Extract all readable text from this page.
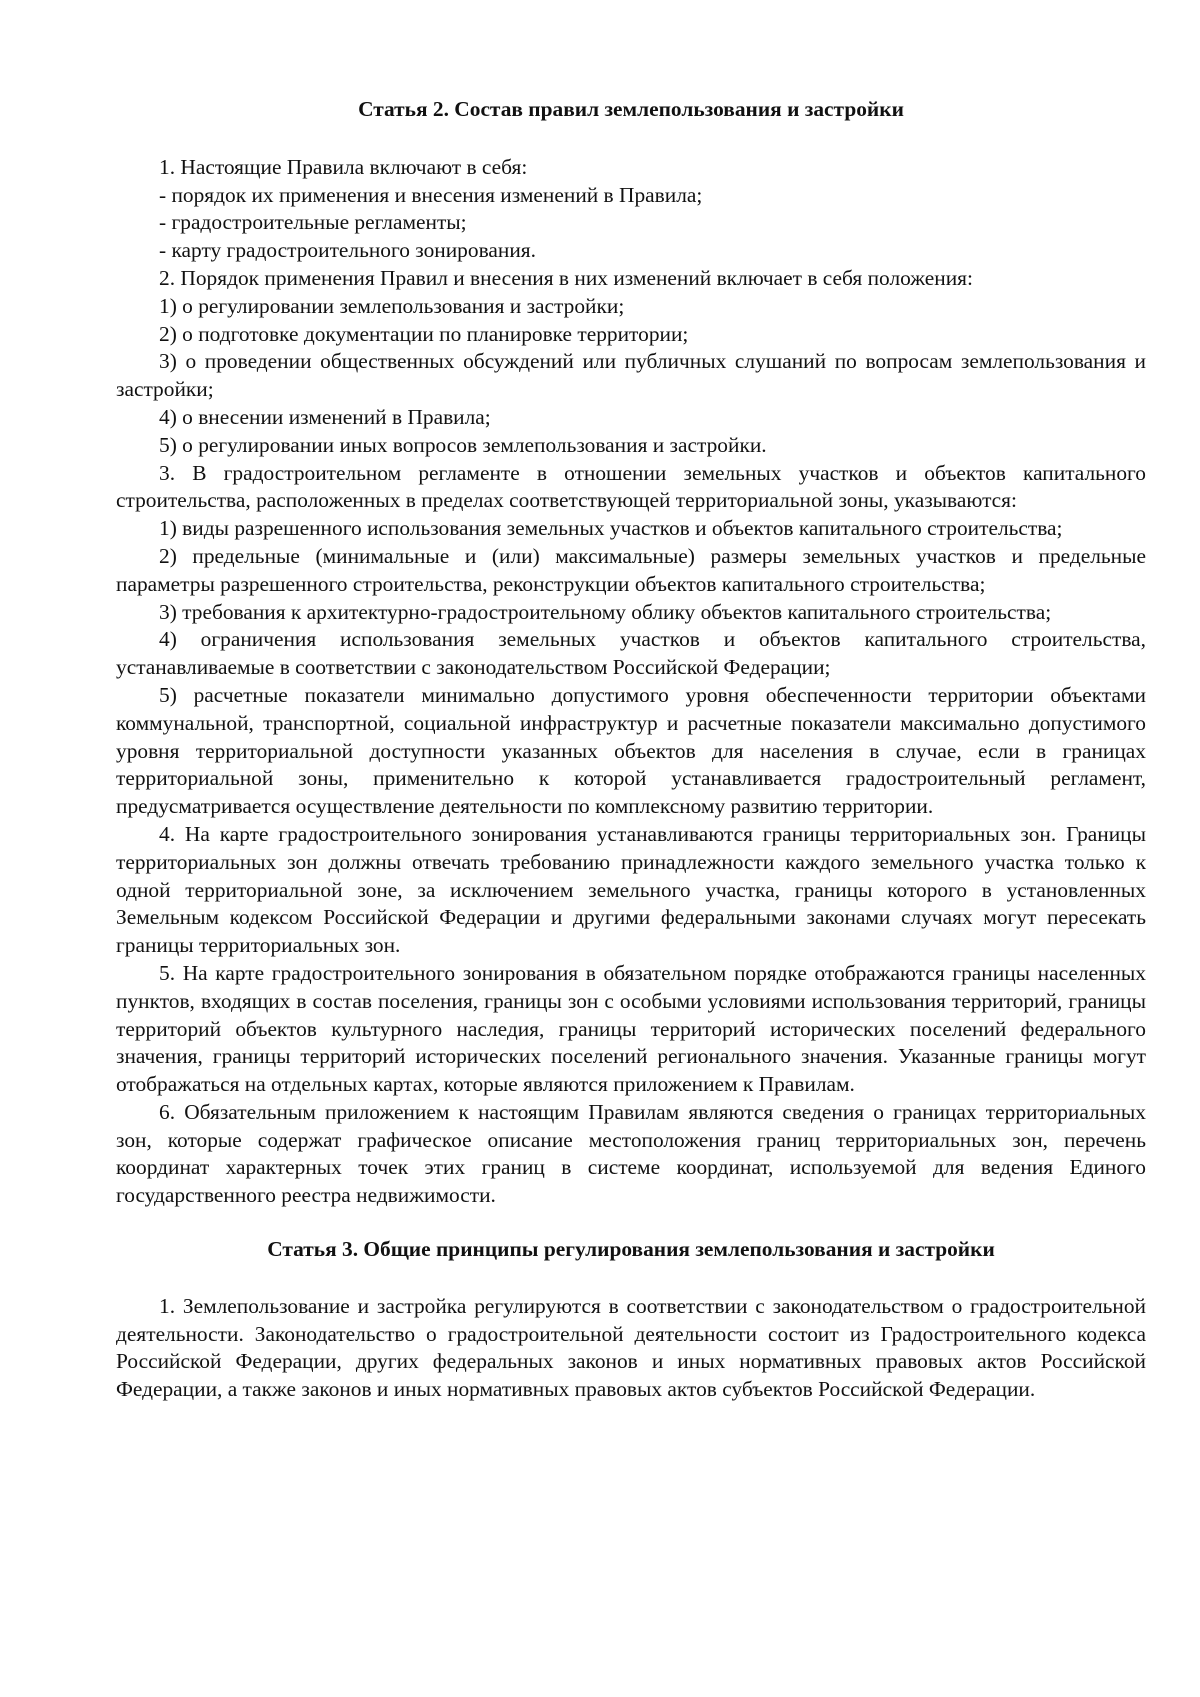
Статья 2. Состав правил землепользования и застройки

1. Настоящие Правила включают в себя:

- порядок их применения и внесения изменений в Правила;

- градостроительные регламенты;

- карту градостроительного зонирования.

2. Порядок применения Правил и внесения в них изменений включает в себя положения:

1) о регулировании землепользования и застройки;

2) о подготовке документации по планировке территории;

3) о проведении общественных обсуждений или публичных слушаний по вопросам землепользования и застройки;

4) о внесении изменений в Правила;

5) о регулировании иных вопросов землепользования и застройки.

3. В градостроительном регламенте в отношении земельных участков и объектов капитального строительства, расположенных в пределах соответствующей территориальной зоны, указываются:

1) виды разрешенного использования земельных участков и объектов капитального строительства;

2) предельные (минимальные и (или) максимальные) размеры земельных участков и предельные параметры разрешенного строительства, реконструкции объектов капитального строительства;

3) требования к архитектурно-градостроительному облику объектов капитального строительства;

4) ограничения использования земельных участков и объектов капитального строительства, устанавливаемые в соответствии с законодательством Российской Федерации;

5) расчетные показатели минимально допустимого уровня обеспеченности территории объектами коммунальной, транспортной, социальной инфраструктур и расчетные показатели максимально допустимого уровня территориальной доступности указанных объектов для населения в случае, если в границах территориальной зоны, применительно к которой устанавливается градостроительный регламент, предусматривается осуществление деятельности по комплексному развитию территории.

4. На карте градостроительного зонирования устанавливаются границы территориальных зон. Границы территориальных зон должны отвечать требованию принадлежности каждого земельного участка только к одной территориальной зоне, за исключением земельного участка, границы которого в установленных Земельным кодексом Российской Федерации и другими федеральными законами случаях могут пересекать границы территориальных зон.

5. На карте градостроительного зонирования в обязательном порядке отображаются границы населенных пунктов, входящих в состав поселения, границы зон с особыми условиями использования территорий, границы территорий объектов культурного наследия, границы территорий исторических поселений федерального значения, границы территорий исторических поселений регионального значения. Указанные границы могут отображаться на отдельных картах, которые являются приложением к Правилам.

6. Обязательным приложением к настоящим Правилам являются сведения о границах территориальных зон, которые содержат графическое описание местоположения границ территориальных зон, перечень координат характерных точек этих границ в системе координат, используемой для ведения Единого государственного реестра недвижимости.

Статья 3. Общие принципы регулирования землепользования и застройки

1. Землепользование и застройка регулируются в соответствии с законодательством о градостроительной деятельности. Законодательство о градостроительной деятельности состоит из Градостроительного кодекса Российской Федерации, других федеральных законов и иных нормативных правовых актов Российской Федерации, а также законов и иных нормативных правовых актов субъектов Российской Федерации.
